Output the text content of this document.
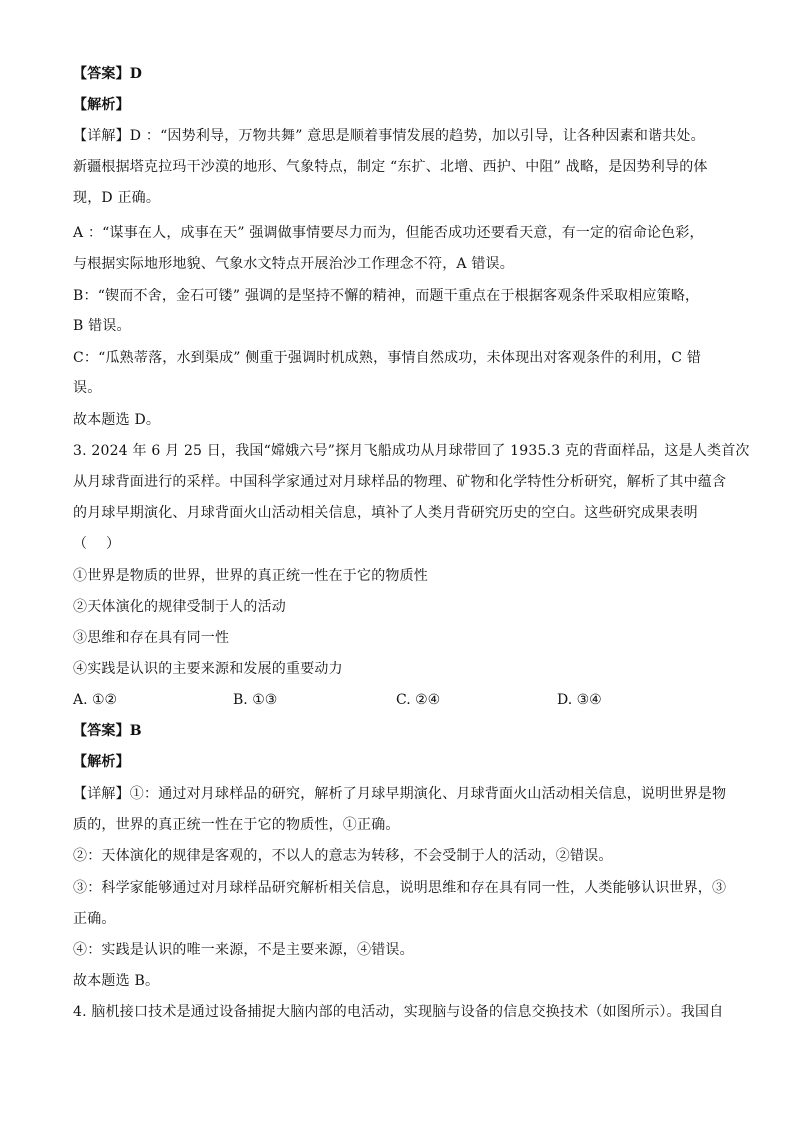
【答案】D
【解析】
【详解】D ：“因势利导，万物共舞” 意思是顺着事情发展的趋势，加以引导，让各种因素和谐共处。
新疆根据塔克拉玛干沙漠的地形、气象特点，制定 “东扩、北增、西护、中阻” 战略，是因势利导的体
现，D 正确。
A ：“谋事在人，成事在天” 强调做事情要尽力而为，但能否成功还要看天意，有一定的宿命论色彩，
与根据实际地形地貌、气象水文特点开展治沙工作理念不符，A 错误。
B：“锲而不舍，金石可镂” 强调的是坚持不懈的精神，而题干重点在于根据客观条件采取相应策略，
B 错误。
C：“瓜熟蒂落，水到渠成” 侧重于强调时机成熟，事情自然成功，未体现出对客观条件的利用，C 错
误。
故本题选 D。
3. 2024 年 6 月 25 日，我国“嫦娥六号”探月飞船成功从月球带回了 1935.3 克的背面样品，这是人类首次
从月球背面进行的采样。中国科学家通过对月球样品的物理、矿物和化学特性分析研究，解析了其中蕴含
的月球早期演化、月球背面火山活动相关信息，填补了人类月背研究历史的空白。这些研究成果表明
（　 ）
①世界是物质的世界，世界的真正统一性在于它的物质性
②天体演化的规律受制于人的活动
③思维和存在具有同一性
④实践是认识的主要来源和发展的重要动力
A. ①②	B. ①③	C. ②④	D. ③④
【答案】B
【解析】
【详解】①：通过对月球样品的研究，解析了月球早期演化、月球背面火山活动相关信息，说明世界是物
质的，世界的真正统一性在于它的物质性，①正确。
②：天体演化的规律是客观的，不以人的意志为转移，不会受制于人的活动，②错误。
③：科学家能够通过对月球样品研究解析相关信息，说明思维和存在具有同一性，人类能够认识世界，③
正确。
④：实践是认识的唯一来源，不是主要来源，④错误。
故本题选 B。
4. 脑机接口技术是通过设备捕捉大脑内部的电活动，实现脑与设备的信息交换技术（如图所示）。我国自
